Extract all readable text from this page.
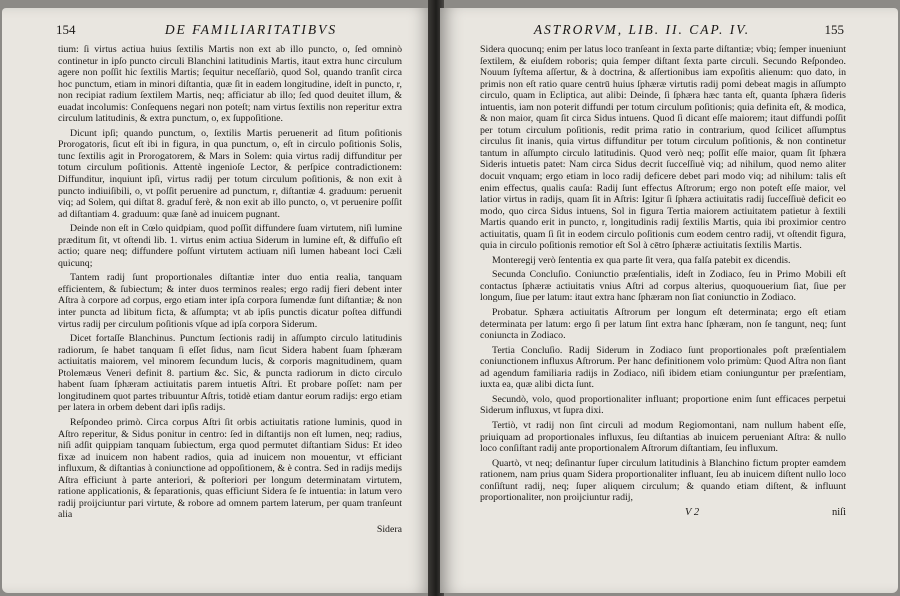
154	DE FAMILIARITATIBVS

tium: ſi virtus actiua huius ſextilis Martis non ext ab illo puncto, o, ſed omninò continetur in ipſo puncto circuli Blanchini latitudinis Martis, itaut extra hunc circulum agere non poſſit hic ſextilis Martis; ſequitur neceſſariò, quod Sol, quando tranſit circa hoc punctum, etiam in minori diſtantia, quæ ſit in eadem longitudine, ideſt in puncto, r, non recipiat radium ſextilem Martis, neq; afficiatur ab illo; ſed quod deuitet illum, & euadat incolumis: Conſequens negari non poteſt; nam virtus ſextilis non reperitur extra circulum latitudinis, & extra punctum, o, ex ſuppoſitione.

Dicunt ipſi; quando punctum, o, ſextilis Martis peruenerit ad ſitum poſitionis Prorogatoris, ſicut eſt ibi in figura, in qua punctum, o, eſt in circulo poſitionis Solis, tunc ſextilis agit in Prorogatorem, & Mars in Solem: quia virtus radij diffunditur per totum circulum poſitionis. Attentè ingenioſe Lector, & perſpice contradictionem: Diffunditur, inquiunt ipſi, virtus radij per totum circulum poſitionis, & non exit à puncto indiuiſibili, o, vt poſſit peruenire ad punctum, r, diſtantiæ 4. graduum: peruenit viq; ad Solem, qui diſtat 8. graduſ ferè, & non exit ab illo puncto, o, vt peruenire poſſit ad diſtantiam 4. graduum: quæ ſanè ad inuicem pugnant.

Deinde non eſt in Cœlo quidpiam, quod poſſit diffundere ſuam virtutem, niſi lumine præditum ſit, vt oſtendi lib. 1. virtus enim actiua Siderum in lumine eſt, & diffuſio eſt actio; quare neq; diffundere poſſunt virtutem actiuam niſi lumen habeant loci Cæli quicunq;

Tantem radij ſunt proportionales diſtantiæ inter duo entia realia, tanquam efficientem, & ſubiectum; & inter duos terminos reales; ergo radij fieri debent inter Aſtra à corpore ad corpus, ergo etiam inter ipſa corpora ſumendæ ſunt diſtantiæ; & non inter puncta ad libitum ficta, & aſſumpta; vt ab ipſis punctis dicatur poſtea diffundi virtus radij per circulum poſitionis vſque ad ipſa corpora Siderum.

Dicet fortaſſe Blanchinus. Punctum ſectionis radij in aſſumpto circulo latitudinis radiorum, ſe habet tanquam ſi eſſet ſidus, nam ſicut Sidera habent ſuam ſphæram actiuitatis maiorem, vel minorem ſecundum lucis, & corporis magnitudinem, quam Ptolemæus Veneri definit 8. partium &c. Sic, & puncta radiorum in dicto circulo habent ſuam ſphæram actiuitatis parem intuetis Aſtri. Et probare poſſet: nam per longitudinem quot partes tribuuntur Aſtris, totidè etiam dantur eorum radijs: ergo etiam per latera in orbem debent dari ipſis radijs.

Reſpondeo primò. Circa corpus Aſtri ſit orbis actiuitatis ratione luminis, quod in Aſtro reperitur, & Sidus ponitur in centro: ſed in diſtantijs non eſt lumen, neq; radius, niſi adſit quippiam tanquam ſubiectum, erga quod permutet diſtantiam Sidus: Et ideo fixæ ad inuicem non habent radios, quia ad inuicem non mouentur, vt efficiant influxum, & diſtantias à coniunctione ad oppoſitionem, & è contra. Sed in radijs medijs Aſtra efficiunt à parte anteriori, & poſteriori per longum determinatam virtutem, ratione applicationis, & ſeparationis, quas efficiunt Sidera ſe ſe intuentia: in latum vero radij proijciuntur pari virtute, & robore ad omnem partem laterum, per quam tranſeunt alia

Sidera
ASTRORVM, LIB. II. CAP. IV.	155

Sidera quocunq; enim per latus loco tranſeant in ſexta parte diſtantiæ; vbiq; ſemper inueniunt ſextilem, & eiuſdem roboris; quia ſemper diſtant ſexta parte circuli. Secundo Reſpondeo. Nouum ſyſtema aſſertur, & à doctrina, & aſſertionibus iam expoſitis alienum: quo dato, in primis non eſt ratio quare centrū huius ſphæræ virtutis radij pomi debeat magis in aſſumpto circulo, quam in Ecliptica, aut alibi: Deinde, ſi ſphæra hæc tanta eſt, quanta ſphæra ſideris intuentis, iam non poterit diffundi per totum circulum poſitionis; quia definita eſt, & modica, & non maior, quam ſit circa Sidus intuens. Quod ſi dicant eſſe maiorem; itaut diffundi poſſit per totum circulum poſitionis, redit prima ratio in contrarium, quod ſcilicet aſſumptus circulus ſit inanis, quia virtus diffunditur per totum circulum poſitionis, & non continetur tantum in aſſumpto circulo latitudinis. Quod verò neq; poſſit eſſe maior, quam ſit ſphæra Sideris intuetis patet: Nam circa Sidus decrit ſucceſſiuè viq; ad nihilum, quod nemo aliter docuit vnquam; ergo etiam in loco radij deficere debet pari modo viq; ad nihilum: talis eſt enim effectus, qualis cauſa: Radij ſunt effectus Aſtrorum; ergo non poteſt eſſe maior, vel latior virtus in radijs, quam ſit in Aſtris: Igitur ſi ſphæra actiuitatis radij ſucceſſiuè deficit eo modo, quo circa Sidus intuens, Sol in figura Tertia maiorem actiuitatem patietur à ſextili Martis quando erit in puncto, r, longitudinis radij ſextilis Martis, quia ibi proximior centro actiuitatis, quam ſi ſit in eodem circulo poſitionis cum eodem centro radij, vt oſtendit figura, quia in circulo poſitionis remotior eſt Sol à cētro ſphæræ actiuitatis ſextilis Martis.

Monteregij verò ſententia ex qua parte ſit vera, qua falſa patebit ex dicendis.

Secunda Concluſio. Coniunctio præſentialis, ideſt in Zodiaco, ſeu in Primo Mobili eſt contactus ſphæræ actiuitatis vnius Aſtri ad corpus alterius, quoquouerium ſiat, ſiue per longum, ſiue per latum: itaut extra hanc ſphæram non ſiat coniunctio in Zodiaco.

Probatur. Sphæra actiuitatis Aſtrorum per longum eſt determinata; ergo eſt etiam determinata per latum: ergo ſi per latum ſint extra hanc ſphæram, non ſe tangunt, neq; ſunt coniuncta in Zodiaco.

Tertia Concluſio. Radij Siderum in Zodiaco ſunt proportionales poſt præſentialem coniunctionem influxus Aſtrorum. Per hanc definitionem volo primùm: Quod Aſtra non ſiant ad agendum familiaria radijs in Zodiaco, niſi ibidem etiam coniunguntur per præſentiam, iuxta ea, quæ alibi dicta ſunt.

Secundò, volo, quod proportionaliter influant; proportione enim ſunt efficaces perpetui Siderum influxus, vt ſupra dixi.

Tertiò, vt radij non ſint circuli ad modum Regiomontani, nam nullum habent eſſe, priuiquam ad proportionales influxus, ſeu diſtantias ab inuicem perueniant Aſtra: & nullo loco conſiſtant radij ante proportionalem Aſtrorum diſtantiam, ſeu influxum.

Quartò, vt neq; deſinantur ſuper circulum latitudinis à Blanchino fictum propter eamdem rationem, nam prius quam Sidera proportionaliter influant, ſeu ab inuicem diſtent nullo loco conſiſtunt radij, neq; ſuper aliquem circulum; & quando etiam diſtent, & influunt proportionaliter, non proijciuntur radij,

V 2	niſi
